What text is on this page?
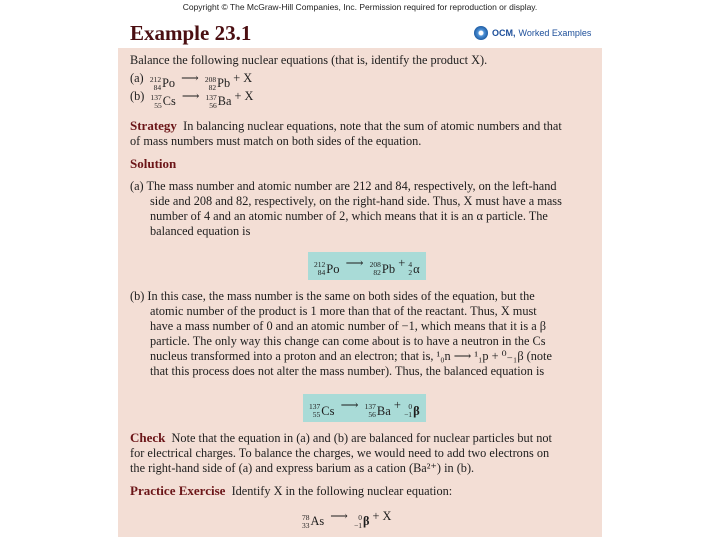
Copyright © The McGraw-Hill Companies, Inc. Permission required for reproduction or display.
Example 23.1	OCM, Worked Examples
Balance the following nuclear equations (that is, identify the product X).
(a) 212
84 Po ⟶ 208
82 Pb + X
(b) 137
55 Cs ⟶ 137
56 Ba + X
Strategy In balancing nuclear equations, note that the sum of atomic numbers and that
of mass numbers must match on both sides of the equation.
Solution
(a) The mass number and atomic number are 212 and 84, respectively, on the left-hand
side and 208 and 82, respectively, on the right-hand side. Thus, X must have a mass
number of 4 and an atomic number of 2, which means that it is an α particle. The
balanced equation is
212
84 Po ⟶ 208
82 Pb + 4
2 α
(b) In this case, the mass number is the same on both sides of the equation, but the
atomic number of the product is 1 more than that of the reactant. Thus, X must
have a mass number of 0 and an atomic number of −1, which means that it is a β
particle. The only way this change can come about is to have a neutron in the Cs
nucleus transformed into a proton and an electron; that is, ¹₀n ⟶ ¹₁p + ⁰₋₁β (note
that this process does not alter the mass number). Thus, the balanced equation is
137
55 Cs ⟶ 137
56 Ba + 0
−1 β
Check Note that the equation in (a) and (b) are balanced for nuclear particles but not
for electrical charges. To balance the charges, we would need to add two electrons on
the right-hand side of (a) and express barium as a cation (Ba²⁺) in (b).
Practice Exercise Identify X in the following nuclear equation:
78
33 As ⟶	0
−1 β + X
